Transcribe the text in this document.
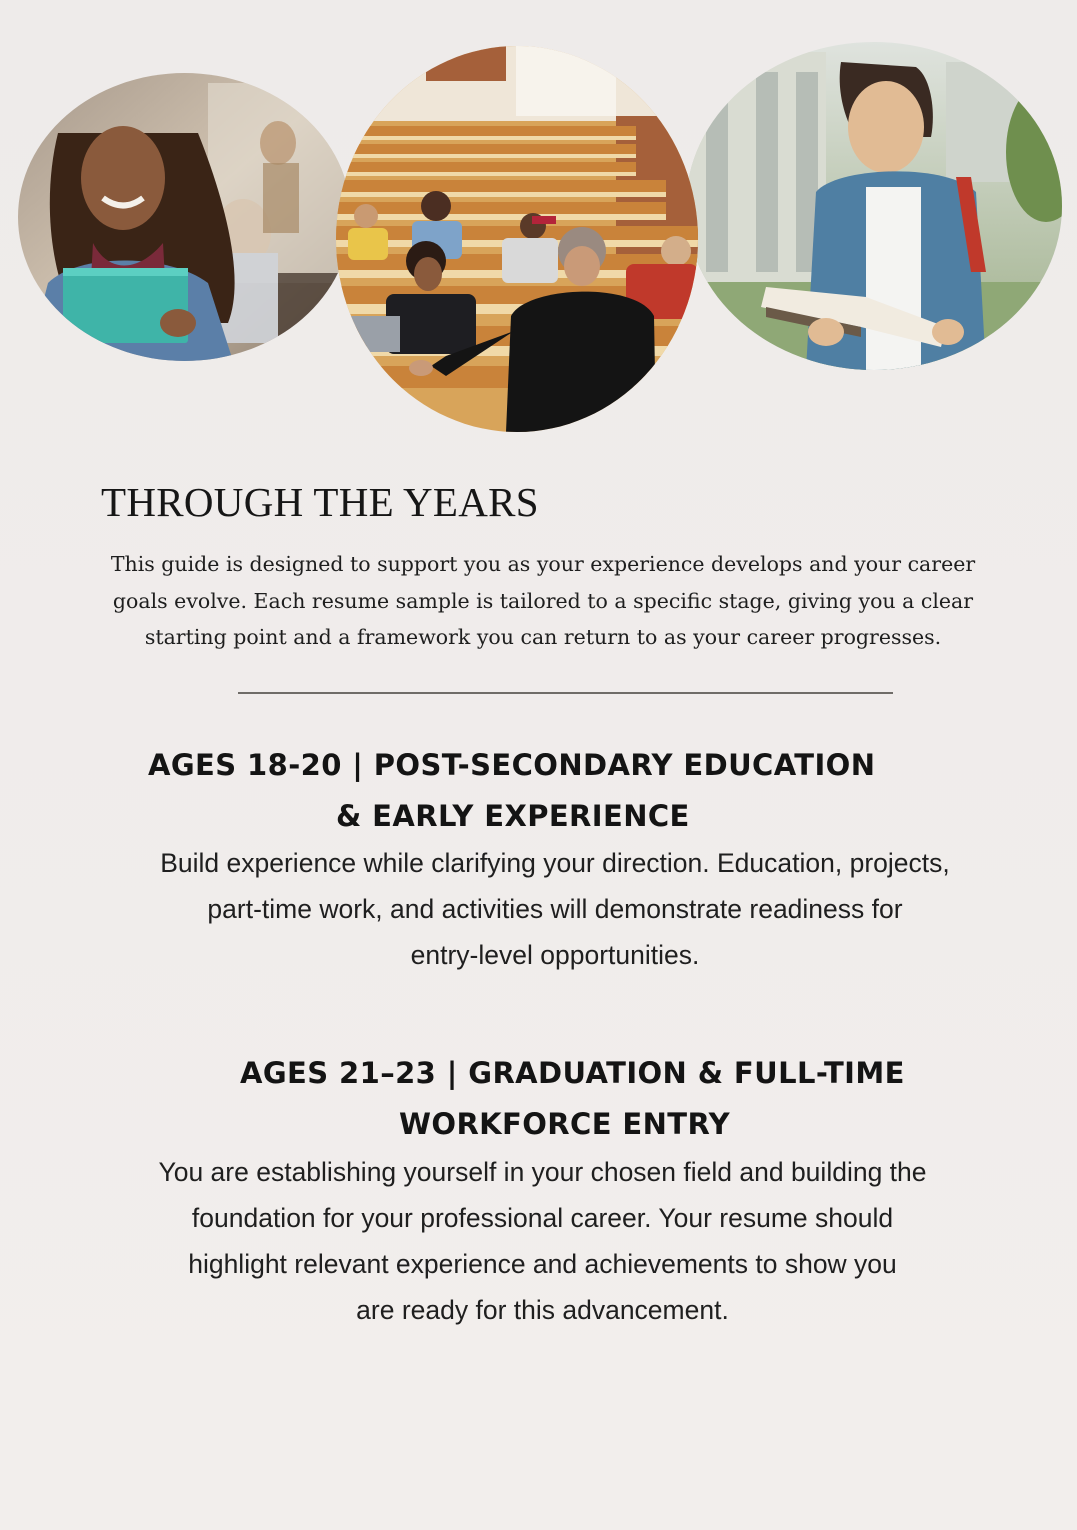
THROUGH THE YEARS

This guide is designed to support you as your experience develops and your career
goals evolve. Each resume sample is tailored to a specific stage, giving you a clear
starting point and a framework you can return to as your career progresses.

AGES 18-20 | POST-SECONDARY EDUCATION
& EARLY EXPERIENCE
Build experience while clarifying your direction. Education, projects,
part-time work, and activities will demonstrate readiness for
entry-level opportunities.
AGES 21–23 | GRADUATION & FULL-TIME
WORKFORCE ENTRY
You are establishing yourself in your chosen field and building the
foundation for your professional career. Your resume should
highlight relevant experience and achievements to show you
are ready for this advancement.
